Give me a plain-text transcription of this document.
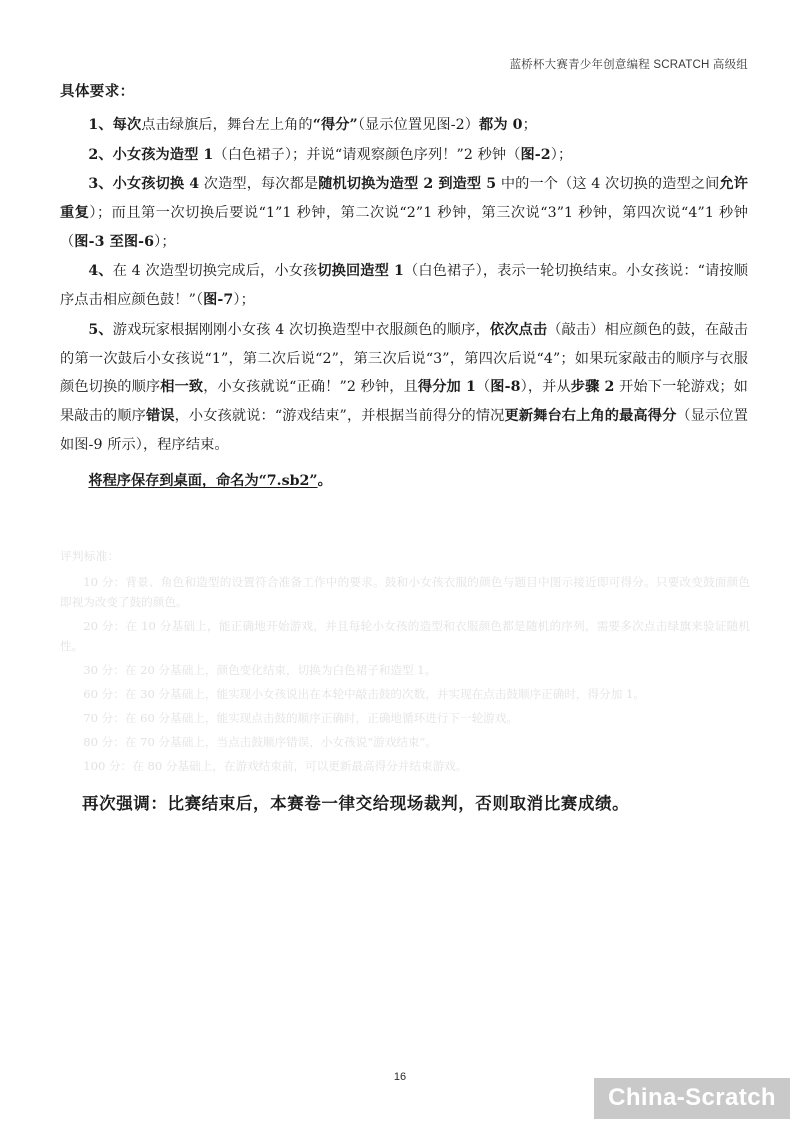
蓝桥杯大赛青少年创意编程 SCRATCH 高级组

具体要求：

1、每次点击绿旗后，舞台左上角的“得分”（显示位置见图-2）都为 0；

2、小女孩为造型 1（白色裙子）；并说“请观察颜色序列！”2 秒钟（图-2）；

3、小女孩切换 4 次造型，每次都是随机切换为造型 2 到造型 5 中的一个（这 4 次切换的造型之间允许重复）；而且第一次切换后要说“1”1 秒钟，第二次说“2”1 秒钟，第三次说“3”1 秒钟，第四次说“4”1 秒钟（图-3 至图-6）；

4、在 4 次造型切换完成后，小女孩切换回造型 1（白色裙子），表示一轮切换结束。小女孩说：“请按顺序点击相应颜色鼓！”（图-7）；

5、游戏玩家根据刚刚小女孩 4 次切换造型中衣服颜色的顺序，依次点击（敲击）相应颜色的鼓，在敲击的第一次鼓后小女孩说“1”，第二次后说“2”，第三次后说“3”，第四次后说“4”；如果玩家敲击的顺序与衣服颜色切换的顺序相一致，小女孩就说“正确！”2 秒钟，且得分加 1（图-8），并从步骤 2 开始下一轮游戏；如果敲击的顺序错误，小女孩就说：“游戏结束”，并根据当前得分的情况更新舞台右上角的最高得分（显示位置如图-9 所示），程序结束。

将程序保存到桌面，命名为“7.sb2”。

评判标准：

10 分：背景、角色和造型的设置符合准备工作中的要求。鼓和小女孩衣服的颜色与题目中图示接近即可得分。只要改变鼓面颜色即视为改变了鼓的颜色。

20 分：在 10 分基础上，能正确地开始游戏，并且每轮小女孩的造型和衣服颜色都是随机的序列，需要多次点击绿旗来验证随机性。

30 分：在 20 分基础上，颜色变化结束，切换为白色裙子和造型 1。

60 分：在 30 分基础上，能实现小女孩说出在本轮中敲击鼓的次数，并实现在点击鼓顺序正确时，得分加 1。

70 分：在 60 分基础上，能实现点击鼓的顺序正确时，正确地循环进行下一轮游戏。

80 分：在 70 分基础上，当点击鼓顺序错误，小女孩说“游戏结束”。

100 分：在 80 分基础上，在游戏结束前，可以更新最高得分并结束游戏。

再次强调：比赛结束后，本赛卷一律交给现场裁判，否则取消比赛成绩。
16
China-Scratch
